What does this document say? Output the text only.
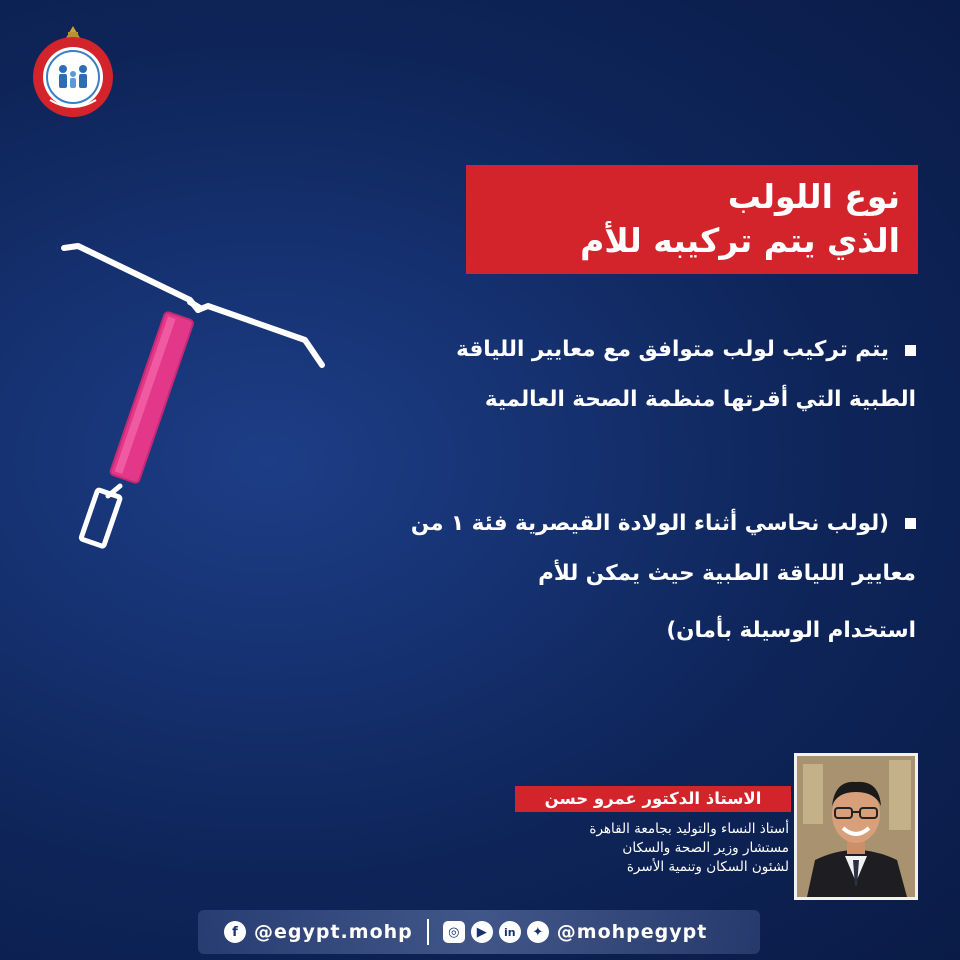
نوع اللولب
الذي يتم تركيبه للأم
يتم تركيب لولب متوافق مع معايير اللياقة
الطبية التي أقرتها منظمة الصحة العالمية
(لولب نحاسي أثناء الولادة القيصرية فئة ١ من
معايير اللياقة الطبية حيث يمكن للأم
استخدام الوسيلة بأمان)
الاستاذ الدكتور عمرو حسن
أستاذ النساء والتوليد بجامعة القاهرة
مستشار وزير الصحة والسكان
لشئون السكان وتنمية الأسرة
f @egypt.mohp	◎	▶	in	✦ @mohpegypt
